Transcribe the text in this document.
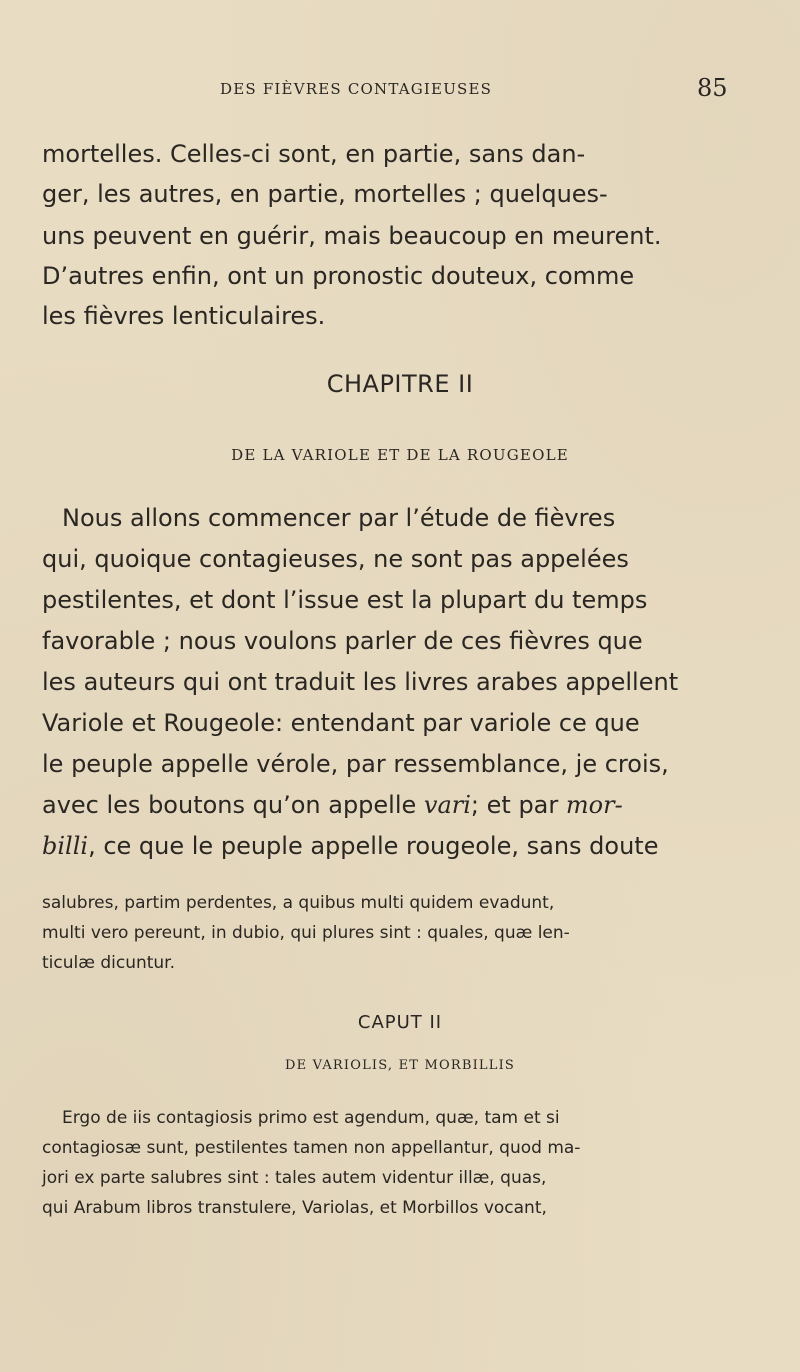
DES FIÈVRES CONTAGIEUSES	85
mortelles. Celles-ci sont, en partie, sans dan-
ger, les autres, en partie, mortelles ; quelques-
uns peuvent en guérir, mais beaucoup en meurent.
D’autres enfin, ont un pronostic douteux, comme
les fièvres lenticulaires.
CHAPITRE II
DE LA VARIOLE ET DE LA ROUGEOLE
Nous allons commencer par l’étude de fièvres
qui, quoique contagieuses, ne sont pas appelées
pestilentes, et dont l’issue est la plupart du temps
favorable ; nous voulons parler de ces fièvres que
les auteurs qui ont traduit les livres arabes appellent
Variole et Rougeole: entendant par variole ce que
le peuple appelle vérole, par ressemblance, je crois,
avec les boutons qu’on appelle vari; et par mor-
billi, ce que le peuple appelle rougeole, sans doute
salubres, partim perdentes, a quibus multi quidem evadunt,
multi vero pereunt, in dubio, qui plures sint : quales, quæ len-
ticulæ dicuntur.
CAPUT II
DE VARIOLIS, ET MORBILLIS
Ergo de iis contagiosis primo est agendum, quæ, tam et si
contagiosæ sunt, pestilentes tamen non appellantur, quod ma-
jori ex parte salubres sint : tales autem videntur illæ, quas,
qui Arabum libros transtulere, Variolas, et Morbillos vocant,
